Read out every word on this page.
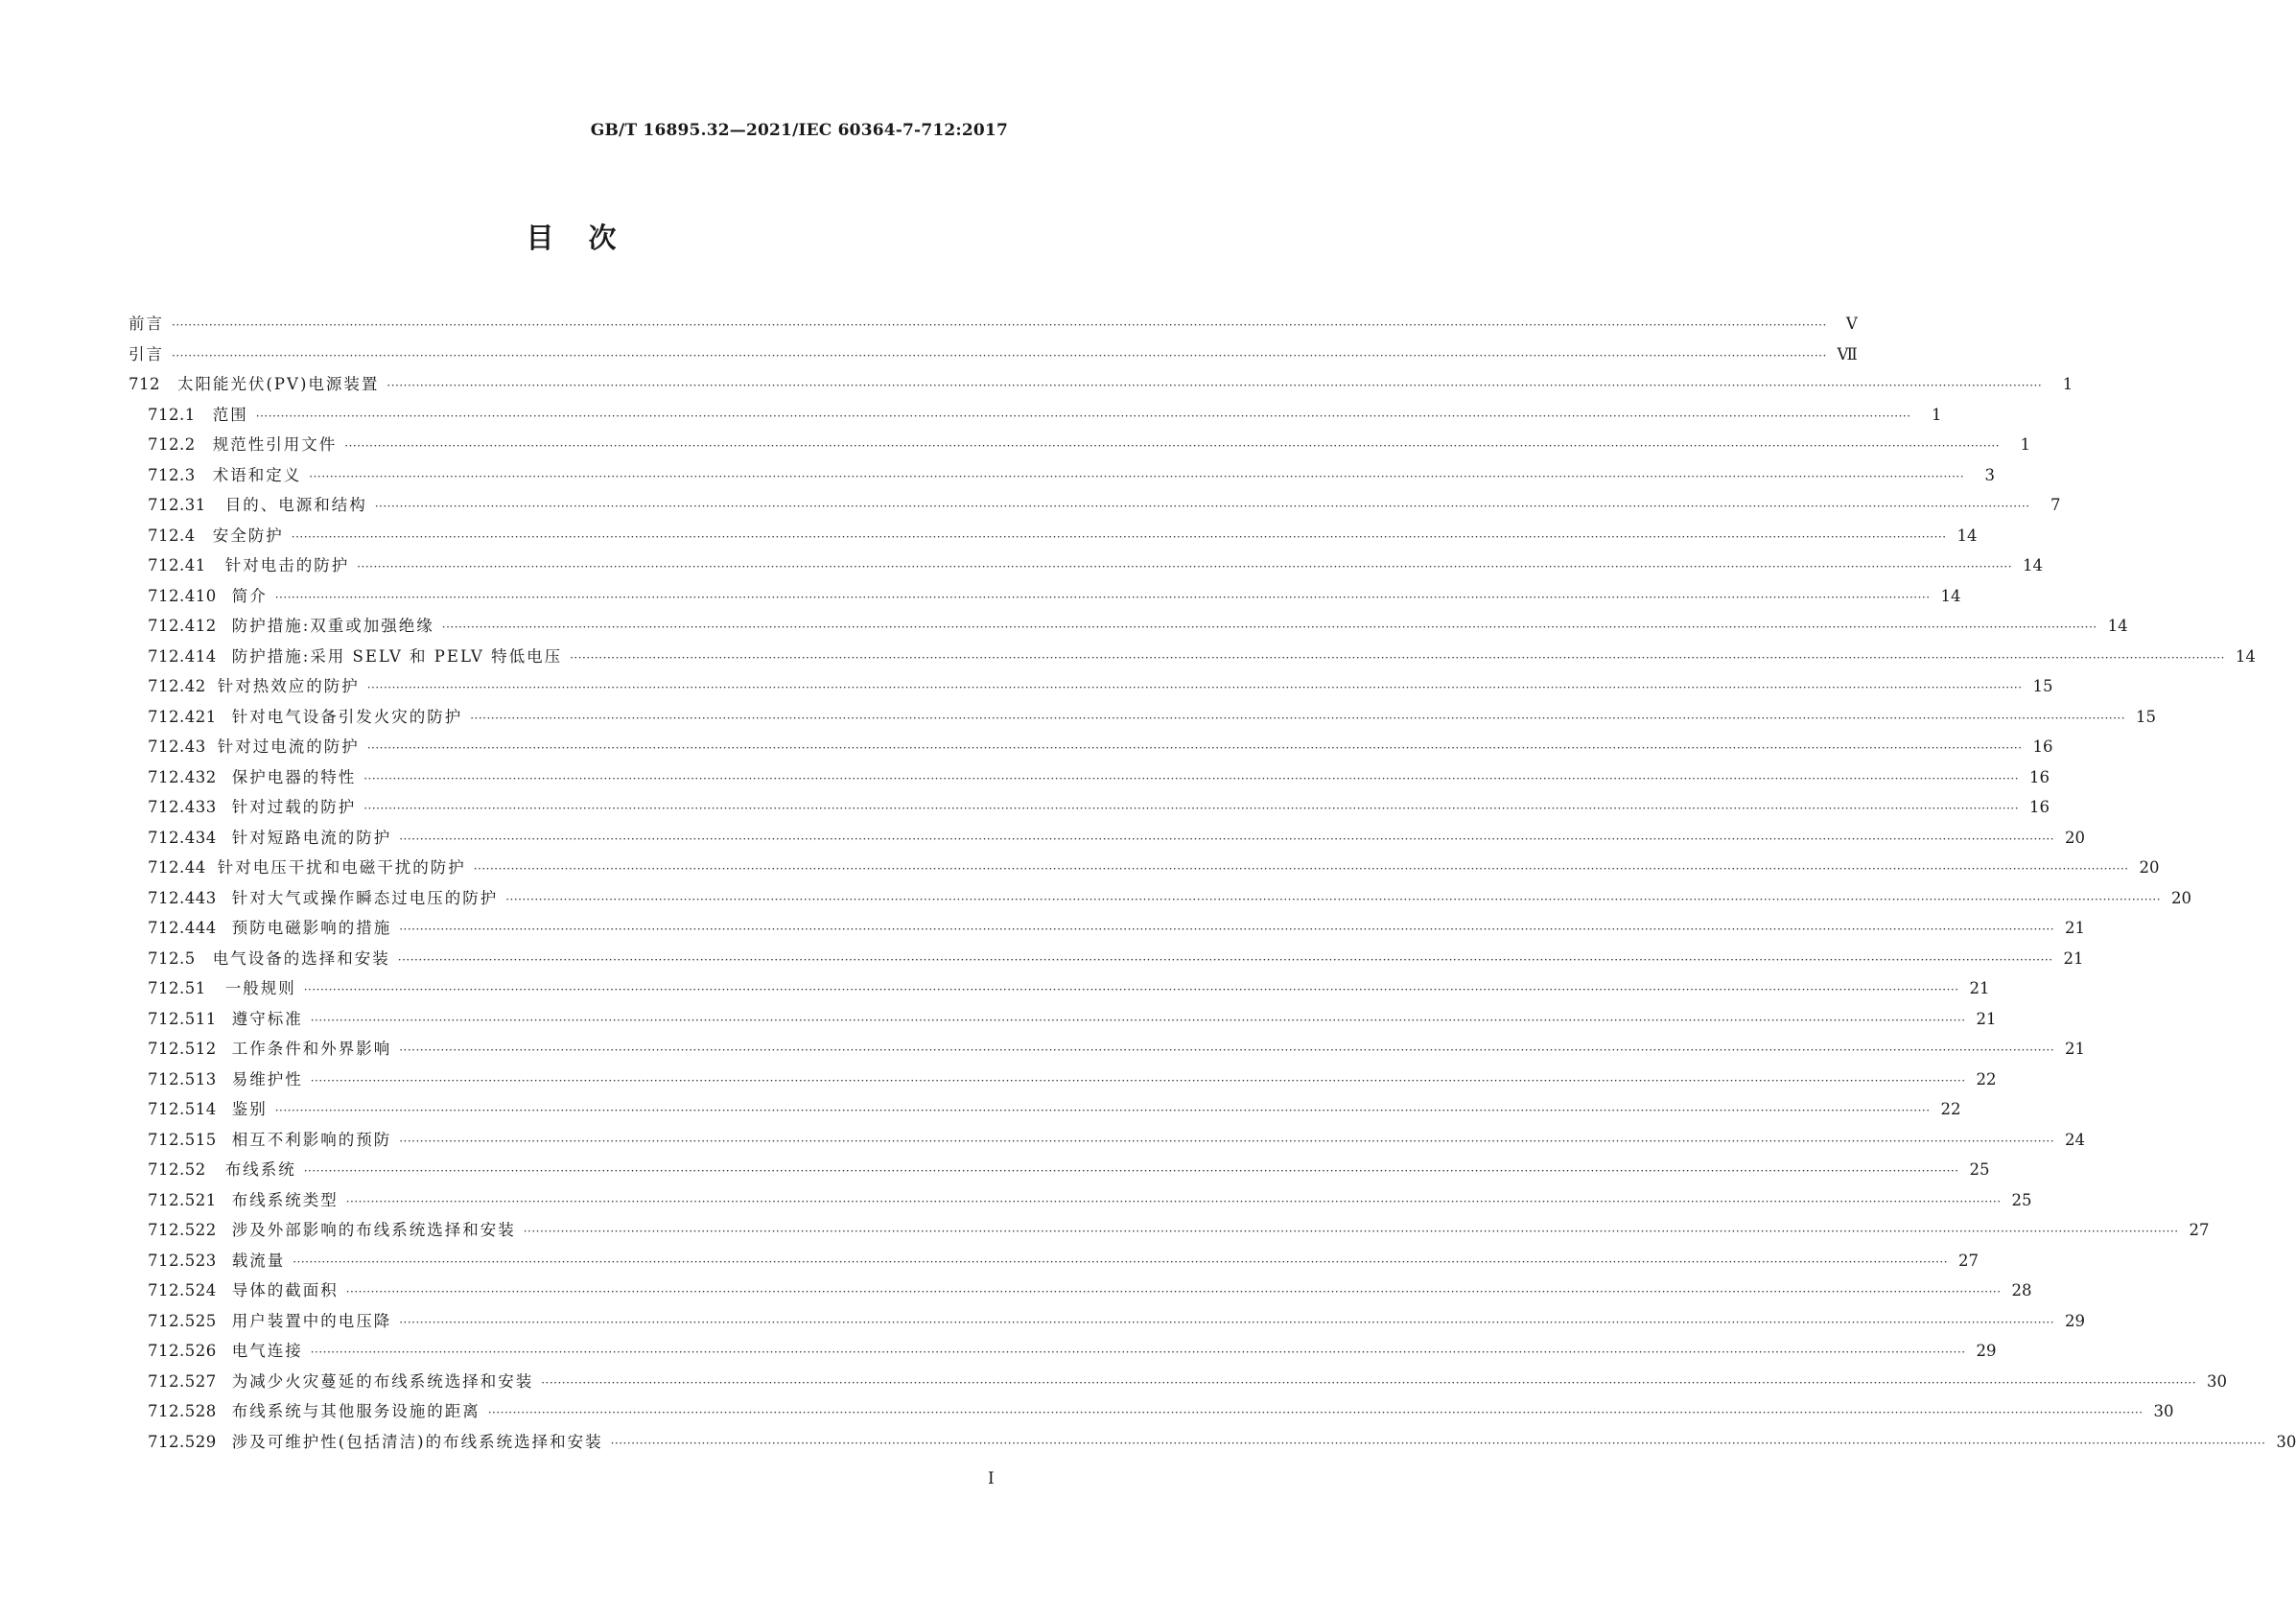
GB/T 16895.32—2021/IEC 60364-7-712:2017
目次
前言 ················································································································································································································································································································································································································	Ⅴ
引言 ················································································································································································································································································································································································································ Ⅶ
712 太阳能光伏(PV)电源装置 ················································································································································································································································································································································································································	1
712.1 范围 ················································································································································································································································································································································································································	1
712.2 规范性引用文件 ················································································································································································································································································································································································································	1
712.3 术语和定义 ················································································································································································································································································································································································································	3
712.31 目的、电源和结构 ················································································································································································································································································································································································································	7
712.4 安全防护 ················································································································································································································································································································································································································ 14
712.41 针对电击的防护 ················································································································································································································································································································································································································ 14
712.410 简介 ················································································································································································································································································································································································································ 14
712.412 防护措施:双重或加强绝缘 ················································································································································································································································································································································································································ 14
712.414 防护措施:采用 SELV 和 PELV 特低电压 ················································································································································································································································································································································································································ 14
712.42 针对热效应的防护 ················································································································································································································································································································································································································ 15
712.421 针对电气设备引发火灾的防护 ················································································································································································································································································································································································································ 15
712.43 针对过电流的防护 ················································································································································································································································································································································································································ 16
712.432 保护电器的特性 ················································································································································································································································································································································································································ 16
712.433 针对过载的防护 ················································································································································································································································································································································································································ 16
712.434 针对短路电流的防护 ················································································································································································································································································································································································································ 20
712.44 针对电压干扰和电磁干扰的防护 ················································································································································································································································································································································································································ 20
712.443 针对大气或操作瞬态过电压的防护 ················································································································································································································································································································································································································ 20
712.444 预防电磁影响的措施 ················································································································································································································································································································································································································ 21
712.5 电气设备的选择和安装 ················································································································································································································································································································································································································ 21
712.51 一般规则 ················································································································································································································································································································································································································ 21
712.511 遵守标准 ················································································································································································································································································································································································································ 21
712.512 工作条件和外界影响 ················································································································································································································································································································································································································ 21
712.513 易维护性 ················································································································································································································································································································································································································ 22
712.514 鉴别 ················································································································································································································································································································································································································ 22
712.515 相互不利影响的预防 ················································································································································································································································································································································································································ 24
712.52 布线系统 ················································································································································································································································································································································································································ 25
712.521 布线系统类型 ················································································································································································································································································································································································································ 25
712.522 涉及外部影响的布线系统选择和安装 ················································································································································································································································································································································································································ 27
712.523 载流量 ················································································································································································································································································································································································································ 27
712.524 导体的截面积 ················································································································································································································································································································································································································ 28
712.525 用户装置中的电压降 ················································································································································································································································································································································································································ 29
712.526 电气连接 ················································································································································································································································································································································································································ 29
712.527 为减少火灾蔓延的布线系统选择和安装 ················································································································································································································································································································································································································ 30
712.528 布线系统与其他服务设施的距离 ················································································································································································································································································································································································································ 30
712.529 涉及可维护性(包括清洁)的布线系统选择和安装 ················································································································································································································································································································································································································ 30
Ⅰ
